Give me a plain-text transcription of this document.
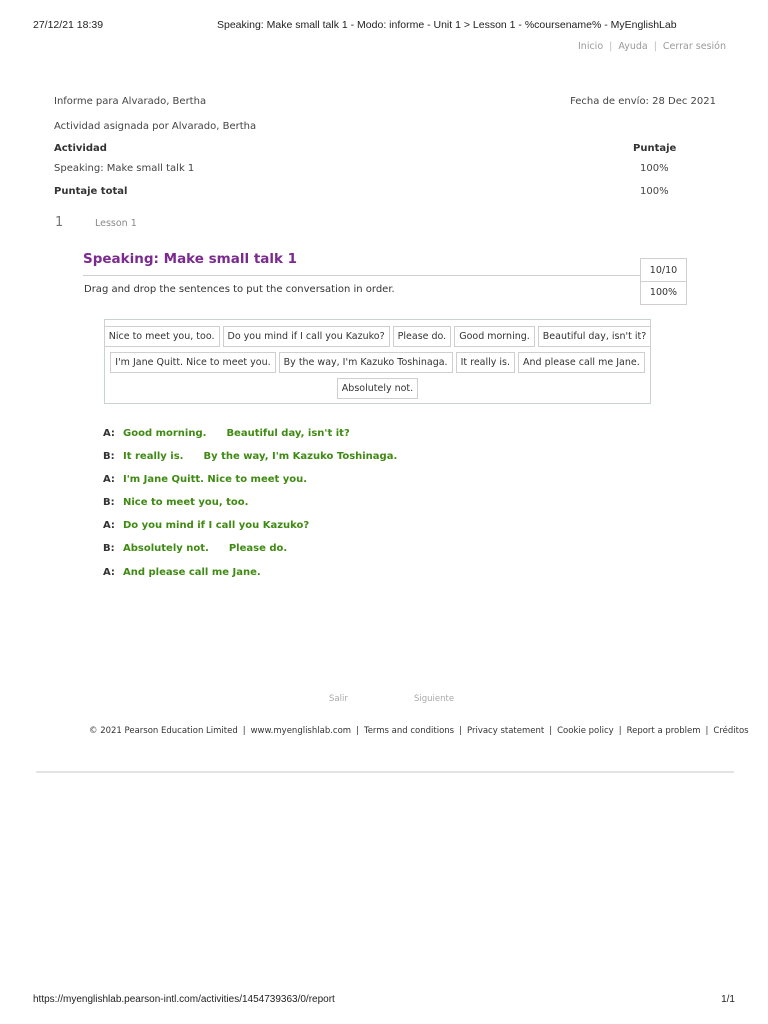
27/12/21 18:39	Speaking: Make small talk 1 - Modo: informe - Unit 1 > Lesson 1 - %coursename% - MyEnglishLab
Inicio | Ayuda | Cerrar sesión
Informe para Alvarado, Bertha	Fecha de envío: 28 Dec 2021
Actividad asignada por Alvarado, Bertha
Actividad	Puntaje
Speaking: Make small talk 1	100%
Puntaje total	100%
1	Lesson 1
Speaking: Make small talk 1
10/10
100%
Drag and drop the sentences to put the conversation in order.
Nice to meet you, too.	Do you mind if I call you Kazuko?	Please do.	Good morning.	Beautiful day, isn't it?
I'm Jane Quitt. Nice to meet you.	By the way, I'm Kazuko Toshinaga.	It really is.	And please call me Jane.
Absolutely not.
A: Good morning. Beautiful day, isn't it?
B: It really is. By the way, I'm Kazuko Toshinaga.
A: I'm Jane Quitt. Nice to meet you.
B: Nice to meet you, too.
A: Do you mind if I call you Kazuko?
B: Absolutely not. Please do.
A: And please call me Jane.
Salir	Siguiente
© 2021 Pearson Education Limited | www.myenglishlab.com | Terms and conditions | Privacy statement | Cookie policy | Report a problem | Créditos
https://myenglishlab.pearson-intl.com/activities/1454739363/0/report	1/1
